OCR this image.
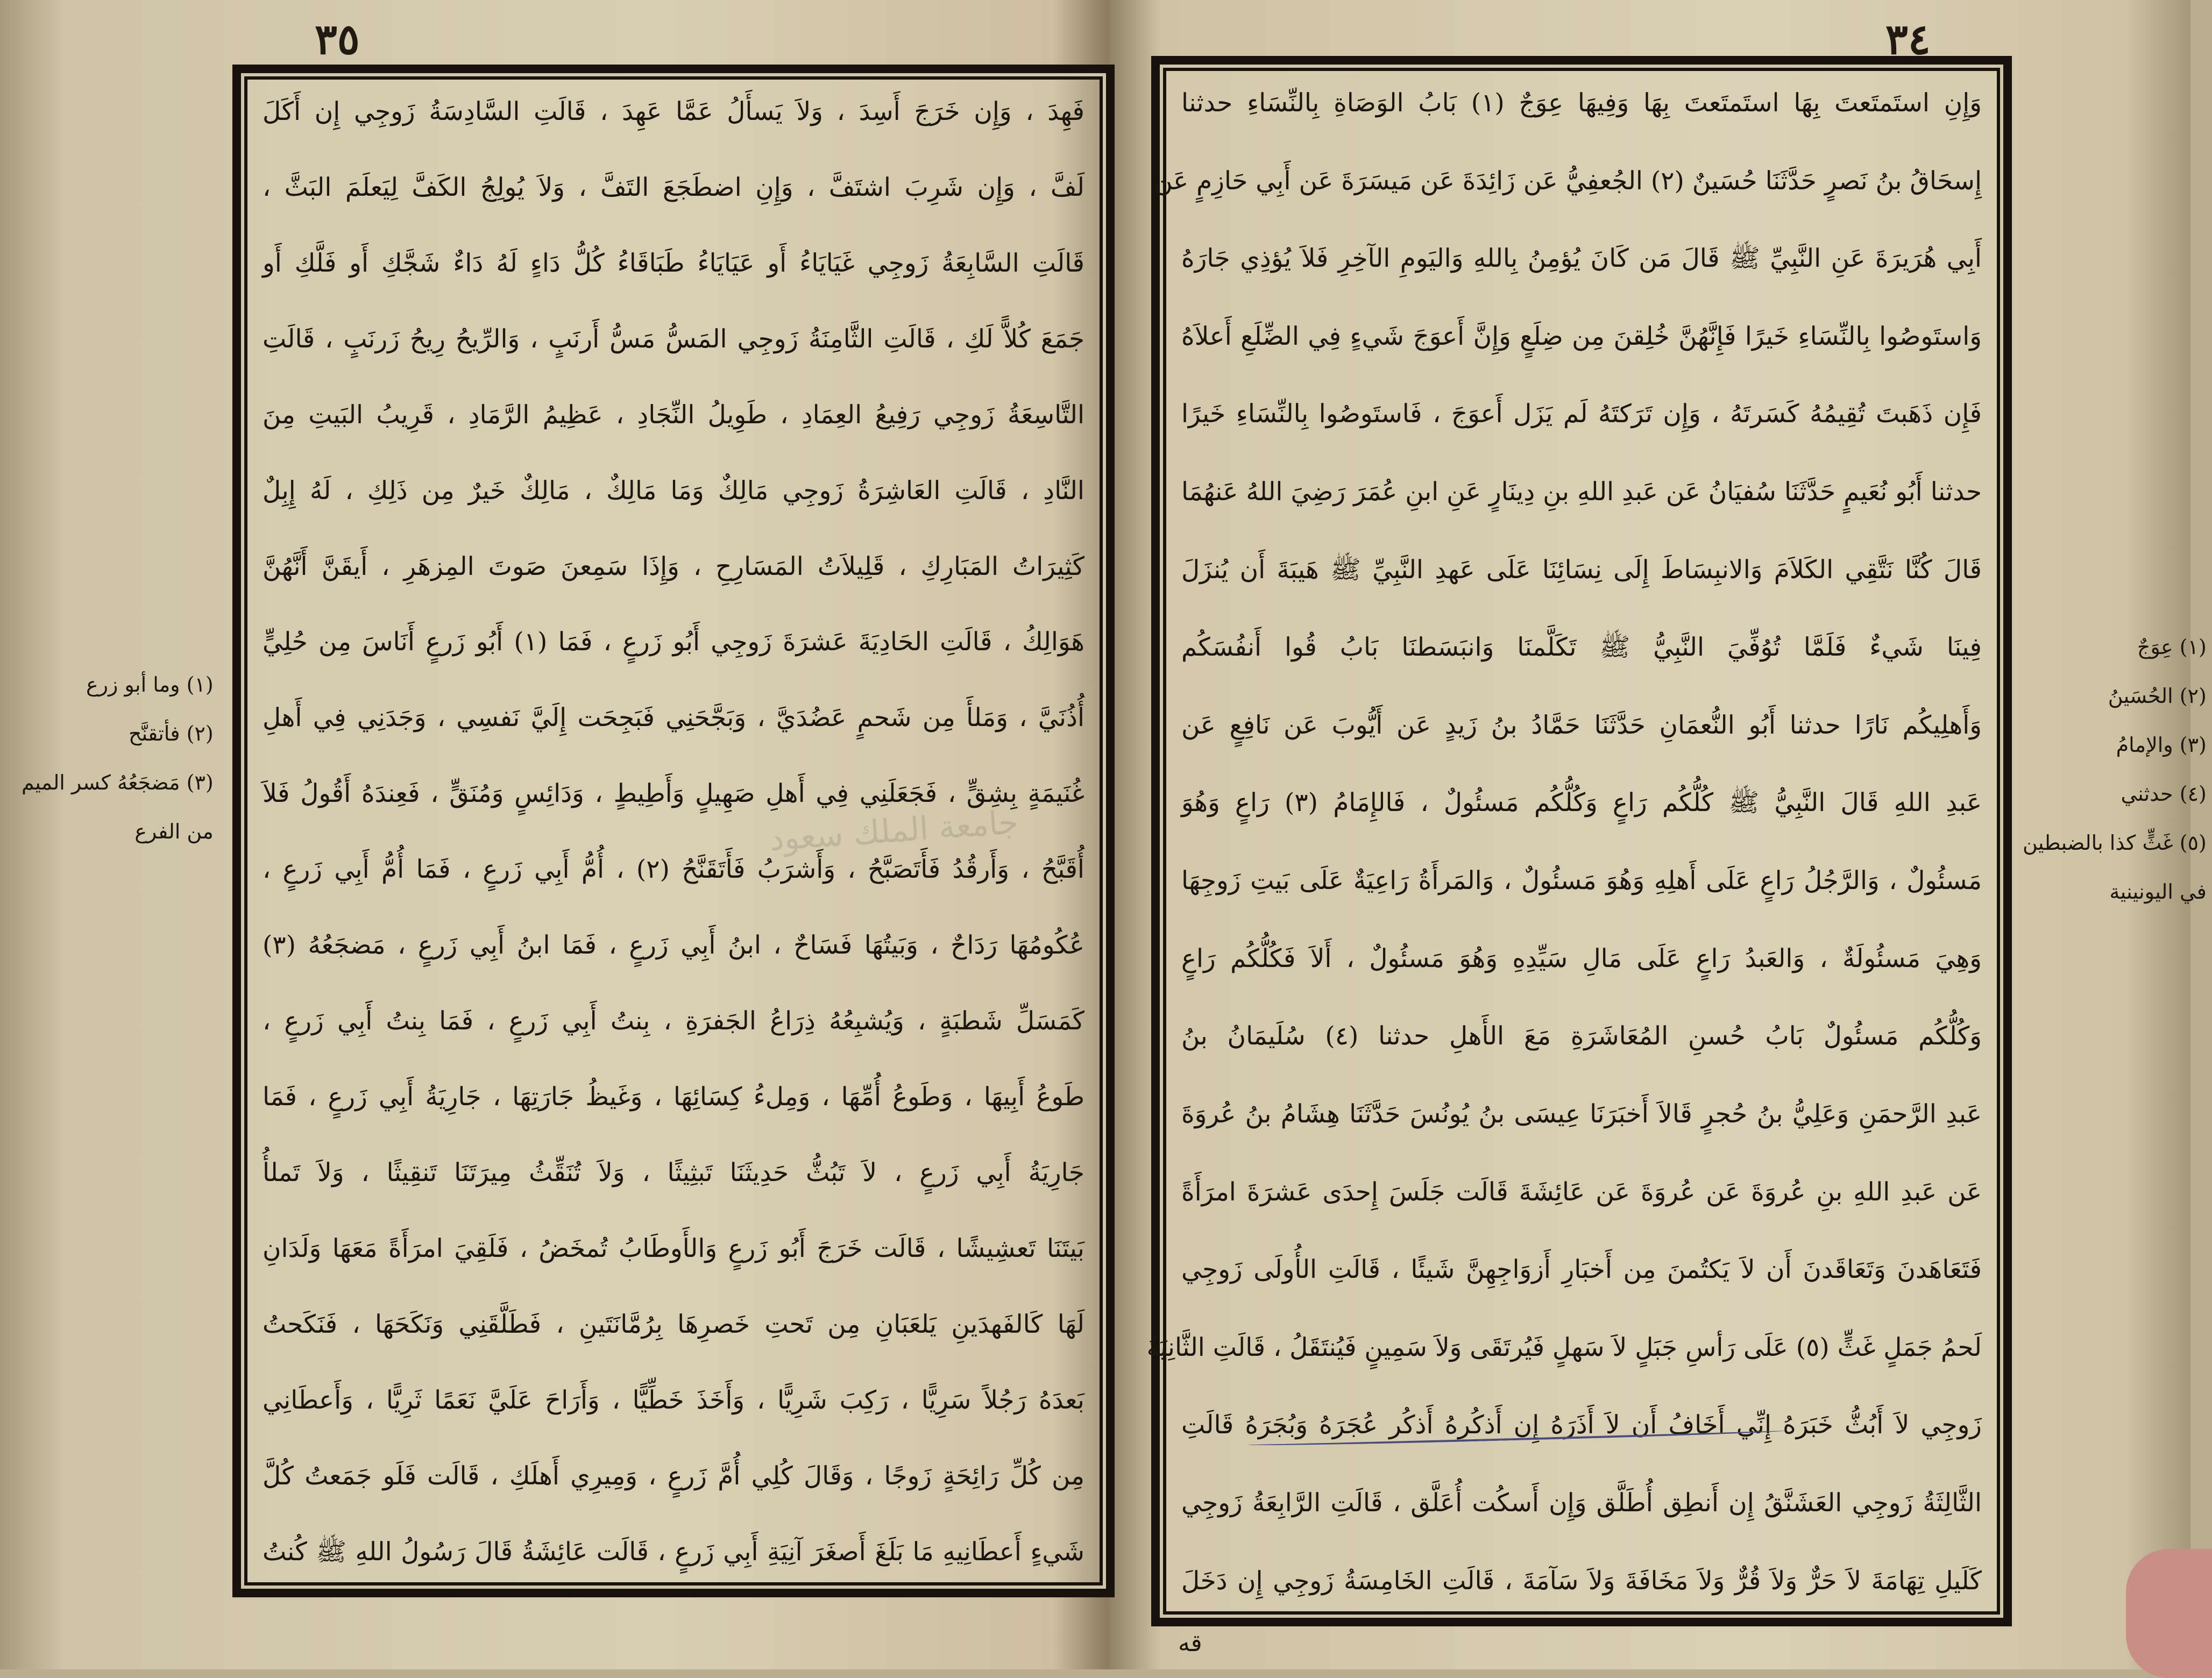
٣٥
فَهِدَ ، وَإِن خَرَجَ أَسِدَ ، وَلاَ يَسأَلُ عَمَّا عَهِدَ ، قَالَتِ السَّادِسَةُ زَوجِي إِن أَكَلَ
لَفَّ ، وَإِن شَرِبَ اشتَفَّ ، وَإِنِ اضطَجَعَ التَفَّ ، وَلاَ يُولِجُ الكَفَّ لِيَعلَمَ البَثَّ ،
قَالَتِ السَّابِعَةُ زَوجِي غَيَايَاءُ أَو عَيَايَاءُ طَبَاقَاءُ كُلُّ دَاءٍ لَهُ دَاءٌ شَجَّكِ أَو فَلَّكِ أَو
جَمَعَ كُلاًّ لَكِ ، قَالَتِ الثَّامِنَةُ زَوجِي المَسُّ مَسُّ أَرنَبٍ ، وَالرِّيحُ رِيحُ زَرنَبٍ ، قَالَتِ
التَّاسِعَةُ زَوجِي رَفِيعُ العِمَادِ ، طَوِيلُ النِّجَادِ ، عَظِيمُ الرَّمَادِ ، قَرِيبُ البَيتِ مِنَ
النَّادِ ، قَالَتِ العَاشِرَةُ زَوجِي مَالِكٌ وَمَا مَالِكٌ ، مَالِكٌ خَيرٌ مِن ذَلِكِ ، لَهُ إِبِلٌ
كَثِيرَاتُ المَبَارِكِ ، قَلِيلاَتُ المَسَارِحِ ، وَإِذَا سَمِعنَ صَوتَ المِزهَرِ ، أَيقَنَّ أَنَّهُنَّ
هَوَالِكُ ، قَالَتِ الحَادِيَةَ عَشرَةَ زَوجِي أَبُو زَرعٍ ، فَمَا (١) أَبُو زَرعٍ أَنَاسَ مِن حُلِيٍّ
أُذُنَيَّ ، وَمَلأَ مِن شَحمٍ عَضُدَيَّ ، وَبَجَّحَنِي فَبَجِحَت إِلَيَّ نَفسِي ، وَجَدَنِي فِي أَهلِ
غُنَيمَةٍ بِشِقٍّ ، فَجَعَلَنِي فِي أَهلِ صَهِيلٍ وَأَطِيطٍ ، وَدَائِسٍ وَمُنَقٍّ ، فَعِندَهُ أَقُولُ فَلاَ
أُقَبَّحُ ، وَأَرقُدُ فَأَتَصَبَّحُ ، وَأَشرَبُ فَأَتَقَنَّحُ (٢) ، أُمُّ أَبِي زَرعٍ ، فَمَا أُمُّ أَبِي زَرعٍ ،
عُكُومُهَا رَدَاحٌ ، وَبَيتُهَا فَسَاحٌ ، ابنُ أَبِي زَرعٍ ، فَمَا ابنُ أَبِي زَرعٍ ، مَضجَعُهُ (٣)
كَمَسَلِّ شَطبَةٍ ، وَيُشبِعُهُ ذِرَاعُ الجَفرَةِ ، بِنتُ أَبِي زَرعٍ ، فَمَا بِنتُ أَبِي زَرعٍ ،
طَوعُ أَبِيهَا ، وَطَوعُ أُمِّهَا ، وَمِلءُ كِسَائِهَا ، وَغَيظُ جَارَتِهَا ، جَارِيَةُ أَبِي زَرعٍ ، فَمَا
جَارِيَةُ أَبِي زَرعٍ ، لاَ تَبُثُّ حَدِيثَنَا تَبثِيثًا ، وَلاَ تُنَقِّثُ مِيرَتَنَا تَنقِيثًا ، وَلاَ تَملأُ
بَيتَنَا تَعشِيشًا ، قَالَت خَرَجَ أَبُو زَرعٍ وَالأَوطَابُ تُمخَضُ ، فَلَقِيَ امرَأَةً مَعَهَا وَلَدَانِ
لَهَا كَالفَهدَينِ يَلعَبَانِ مِن تَحتِ خَصرِهَا بِرُمَّانَتَينِ ، فَطَلَّقَنِي وَنَكَحَهَا ، فَنَكَحتُ
بَعدَهُ رَجُلاً سَرِيًّا ، رَكِبَ شَرِيًّا ، وَأَخَذَ خَطِّيًّا ، وَأَرَاحَ عَلَيَّ نَعَمًا ثَرِيًّا ، وَأَعطَانِي
مِن كُلِّ رَائِحَةٍ زَوجًا ، وَقَالَ كُلِي أُمَّ زَرعٍ ، وَمِيرِي أَهلَكِ ، قَالَت فَلَو جَمَعتُ كُلَّ
شَيءٍ أَعطَانِيهِ مَا بَلَغَ أَصغَرَ آنِيَةِ أَبِي زَرعٍ ، قَالَت عَائِشَةُ قَالَ رَسُولُ اللهِ ﷺ كُنتُ
٣٤
وَإِنِ استَمتَعتَ بِهَا استَمتَعتَ بِهَا وَفِيهَا عِوَجٌ (١) بَابُ الوَصَاةِ بِالنِّسَاءِ حدثنا
إِسحَاقُ بنُ نَصرٍ حَدَّثَنَا حُسَينٌ (٢) الجُعفِيُّ عَن زَائِدَةَ عَن مَيسَرَةَ عَن أَبِي حَازِمٍ عَن
أَبِي هُرَيرَةَ عَنِ النَّبِيِّ ﷺ قَالَ مَن كَانَ يُؤمِنُ بِاللهِ وَاليَومِ الآخِرِ فَلاَ يُؤذِي جَارَهُ
وَاستَوصُوا بِالنِّسَاءِ خَيرًا فَإِنَّهُنَّ خُلِقنَ مِن ضِلَعٍ وَإِنَّ أَعوَجَ شَيءٍ فِي الضِّلَعِ أَعلاَهُ
فَإِن ذَهَبتَ تُقِيمُهُ كَسَرتَهُ ، وَإِن تَرَكتَهُ لَم يَزَل أَعوَجَ ، فَاستَوصُوا بِالنِّسَاءِ خَيرًا
حدثنا أَبُو نُعَيمٍ حَدَّثَنَا سُفيَانُ عَن عَبدِ اللهِ بنِ دِينَارٍ عَنِ ابنِ عُمَرَ رَضِيَ اللهُ عَنهُمَا
قَالَ كُنَّا نَتَّقِي الكَلاَمَ وَالانبِسَاطَ إِلَى نِسَائِنَا عَلَى عَهدِ النَّبِيِّ ﷺ هَيبَةَ أَن يُنزَلَ
فِينَا شَيءٌ فَلَمَّا تُوُفِّيَ النَّبِيُّ ﷺ تَكَلَّمنَا وَانبَسَطنَا بَابُ قُوا أَنفُسَكُم
وَأَهلِيكُم نَارًا حدثنا أَبُو النُّعمَانِ حَدَّثَنَا حَمَّادُ بنُ زَيدٍ عَن أَيُّوبَ عَن نَافِعٍ عَن
عَبدِ اللهِ قَالَ النَّبِيُّ ﷺ كُلُّكُم رَاعٍ وَكُلُّكُم مَسئُولٌ ، فَالإِمَامُ (٣) رَاعٍ وَهُوَ
مَسئُولٌ ، وَالرَّجُلُ رَاعٍ عَلَى أَهلِهِ وَهُوَ مَسئُولٌ ، وَالمَرأَةُ رَاعِيَةٌ عَلَى بَيتِ زَوجِهَا
وَهِيَ مَسئُولَةٌ ، وَالعَبدُ رَاعٍ عَلَى مَالِ سَيِّدِهِ وَهُوَ مَسئُولٌ ، أَلاَ فَكُلُّكُم رَاعٍ
وَكُلُّكُم مَسئُولٌ بَابُ حُسنِ المُعَاشَرَةِ مَعَ الأَهلِ حدثنا (٤) سُلَيمَانُ بنُ
عَبدِ الرَّحمَنِ وَعَلِيُّ بنُ حُجرٍ قَالاَ أَخبَرَنَا عِيسَى بنُ يُونُسَ حَدَّثَنَا هِشَامُ بنُ عُروَةَ
عَن عَبدِ اللهِ بنِ عُروَةَ عَن عُروَةَ عَن عَائِشَةَ قَالَت جَلَسَ إِحدَى عَشرَةَ امرَأَةً
فَتَعَاهَدنَ وَتَعَاقَدنَ أَن لاَ يَكتُمنَ مِن أَخبَارِ أَزوَاجِهِنَّ شَيئًا ، قَالَتِ الأُولَى زَوجِي
لَحمُ جَمَلٍ غَثٍّ (٥) عَلَى رَأسِ جَبَلٍ لاَ سَهلٍ فَيُرتَقَى وَلاَ سَمِينٍ فَيُنتَقَلُ ، قَالَتِ الثَّانِيَةُ
زَوجِي لاَ أَبُثُّ خَبَرَهُ إِنِّي أَخَافُ أَن لاَ أَذَرَهُ إِن أَذكُرهُ أَذكُر عُجَرَهُ وَبُجَرَهُ قَالَتِ
الثَّالِثَةُ زَوجِي العَشَنَّقُ إِن أَنطِق أُطَلَّق وَإِن أَسكُت أُعَلَّق ، قَالَتِ الرَّابِعَةُ زَوجِي
كَلَيلِ تِهَامَةَ لاَ حَرٌّ وَلاَ قُرٌّ وَلاَ مَخَافَةَ وَلاَ سَآمَةَ ، قَالَتِ الخَامِسَةُ زَوجِي إِن دَخَلَ
قه
(١) وما أبو زرع
(٢) فأتقنَّح
(٣) مَضجَعُهُ كسر الميم
من الفرع
(١) عِوَجٌ
(٢) الحُسَينُ
(٣) والإمامُ
(٤) حدثني
(٥) غَثٍّ كذا بالضبطين
في اليونينية
جامعة الملك سعود
